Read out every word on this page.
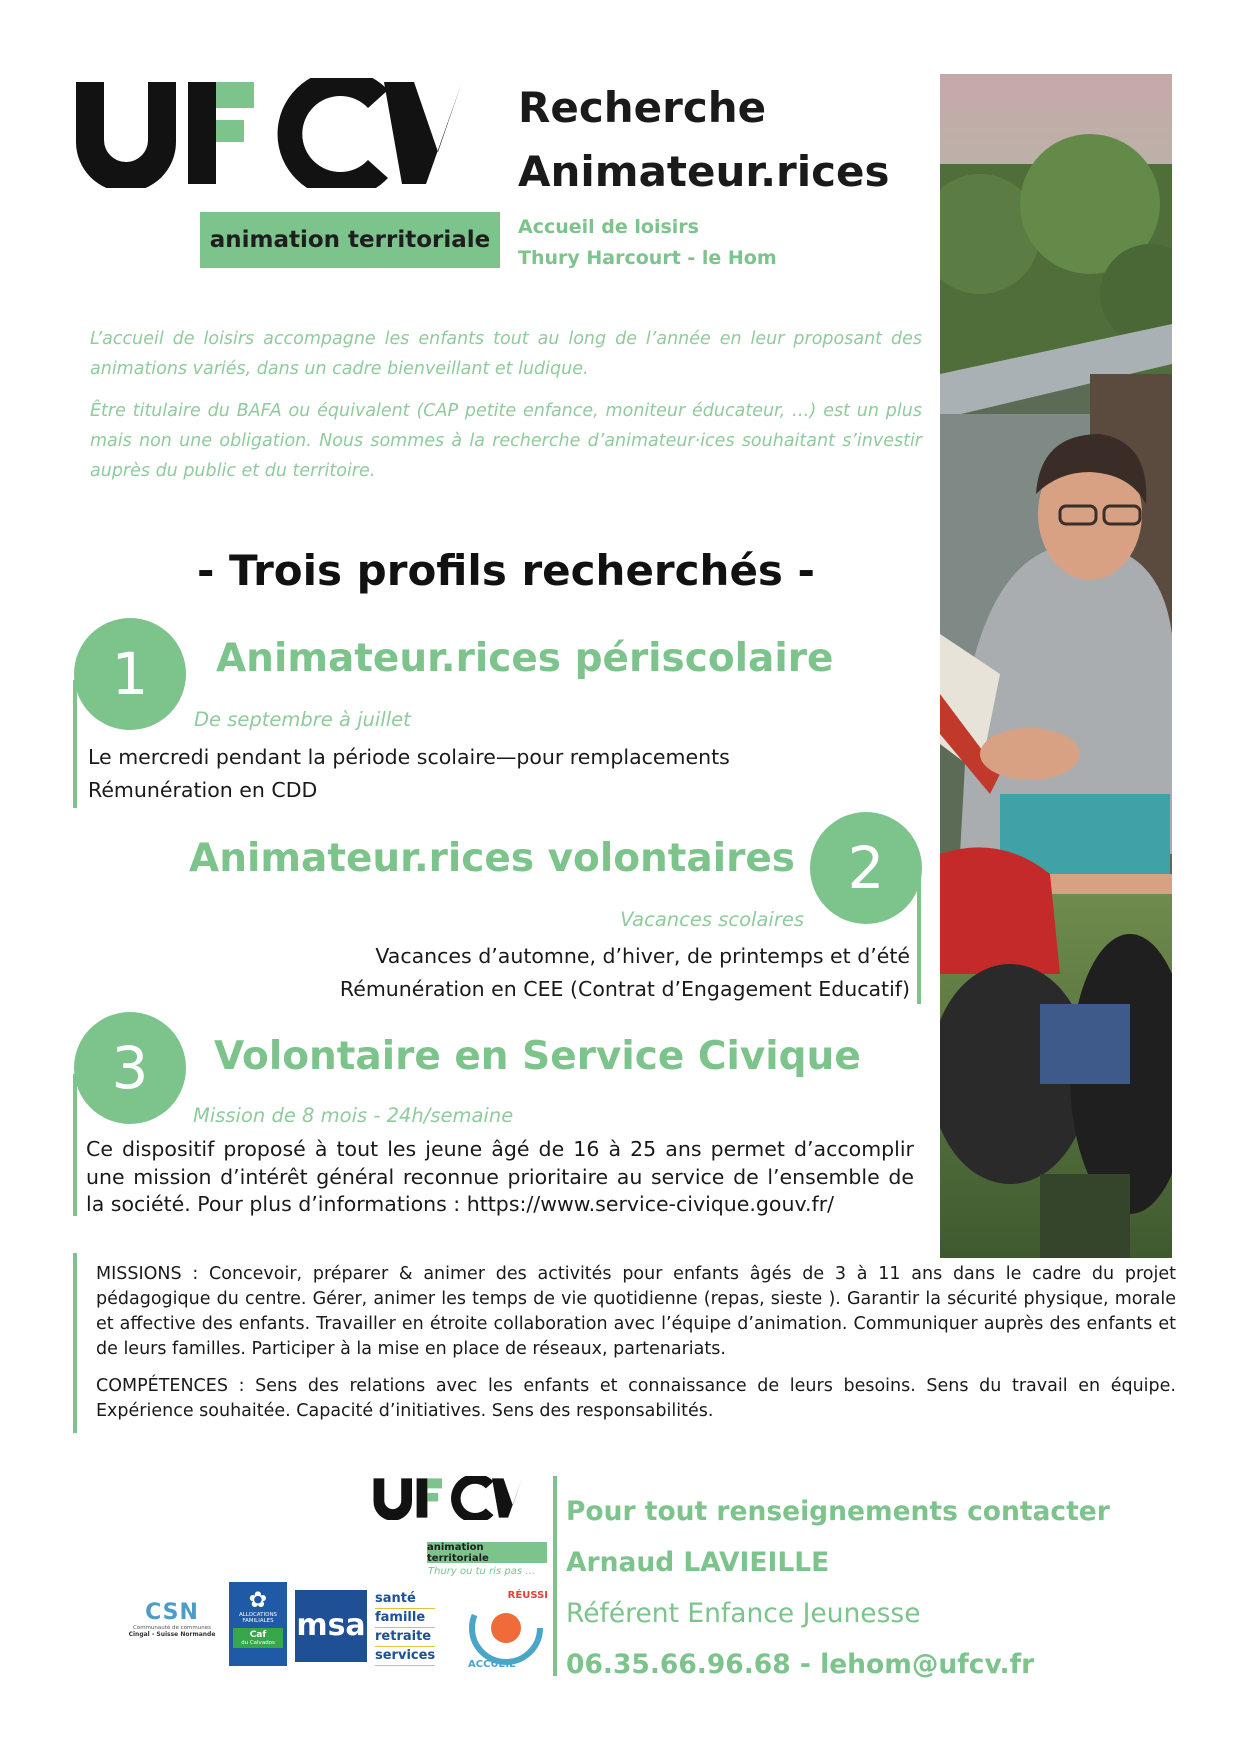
animation territoriale
Recherche
Animateur.rices
Accueil de loisirs
Thury Harcourt - le Hom

L’accueil de loisirs accompagne les enfants tout au long de l’année en leur proposant des animations variés, dans un cadre bienveillant et ludique.

Être titulaire du BAFA ou équivalent (CAP petite enfance, moniteur éducateur, …) est un plus mais non une obligation. Nous sommes à la recherche d’animateur·ices souhaitant s’investir auprès du public et du territoire.

- Trois profils recherchés -
1	Animateur.rices périscolaire
De septembre à juillet
Le mercredi pendant la période scolaire—pour remplacements
Rémunération en CDD
2
Animateur.rices volontaires
Vacances scolaires
Vacances d’automne, d’hiver, de printemps et d’été
Rémunération en CEE (Contrat d’Engagement Educatif)
3	Volontaire en Service Civique
Mission de 8 mois - 24h/semaine
Ce dispositif proposé à tout les jeune âgé de 16 à 25 ans permet d’accomplir une mission d’intérêt général reconnue prioritaire au service de l’ensemble de la société. Pour plus d’informations : https://www.service-civique.gouv.fr/

MISSIONS : Concevoir, préparer & animer des activités pour enfants âgés de 3 à 11 ans dans le cadre du projet pédagogique du centre. Gérer, animer les temps de vie quotidienne (repas, sieste ). Garantir la sécurité physique, morale et affective des enfants. Travailler en étroite collaboration avec l’équipe d’animation. Communiquer auprès des enfants et de leurs familles. Participer à la mise en place de réseaux, partenariats.

COMPÉTENCES : Sens des relations avec les enfants et connaissance de leurs besoins. Sens du travail en équipe. Expérience souhaitée. Capacité d’initiatives. Sens des responsabilités.

animation territoriale
Thury ou tu ris pas …
CSN
Communauté de communes
Cingal - Suisse Normande
✿
ALLOCATIONS
FAMILIALES
Caf
du Calvados msa
santé
famille
retraite
services
RÉUSSI
ACCUEIL
Pour tout renseignements contacter
Arnaud LAVIEILLE
Référent Enfance Jeunesse
06.35.66.96.68 - lehom@ufcv.fr
